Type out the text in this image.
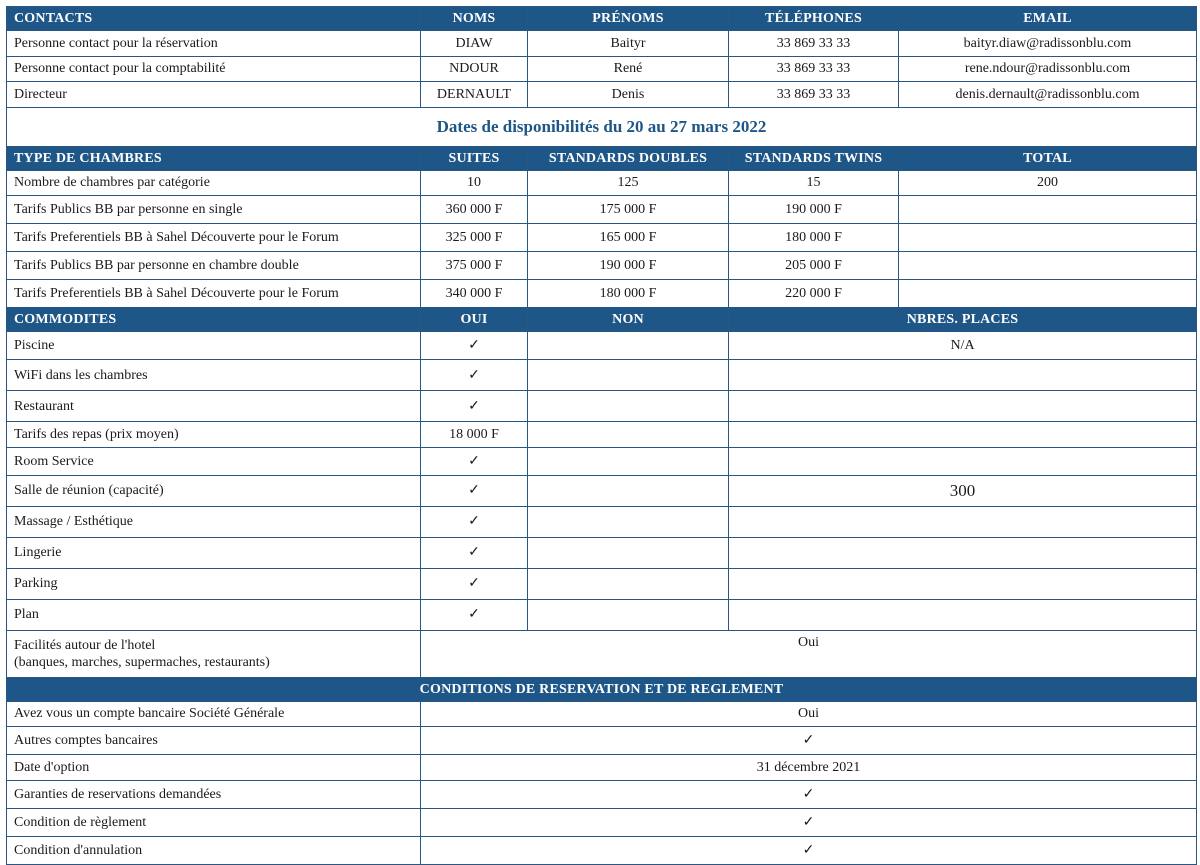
CONTACTS	NOMS	PRÉNOMS	TÉLÉPHONES	EMAIL
Personne contact pour la réservation	DIAW	Baityr	33 869 33 33	baityr.diaw@radissonblu.com
Personne contact pour la comptabilité	NDOUR	René	33 869 33 33	rene.ndour@radissonblu.com
Directeur	DERNAULT	Denis	33 869 33 33	denis.dernault@radissonblu.com
Dates de disponibilités du 20 au 27 mars 2022				
TYPE DE CHAMBRES	SUITES	STANDARDS DOUBLES	STANDARDS TWINS	TOTAL
Nombre de chambres par catégorie	10	125	15	200
Tarifs Publics BB par personne en single	360 000 F	175 000 F	190 000 F	
Tarifs Preferentiels BB à Sahel Découverte pour le Forum	325 000 F	165 000 F	180 000 F	
Tarifs Publics BB par personne en chambre double	375 000 F	190 000 F	205 000 F	
Tarifs Preferentiels BB à Sahel Découverte pour le Forum	340 000 F	180 000 F	220 000 F	
COMMODITES	OUI	NON	NBRES. PLACES	
Piscine	✓		N/A	
WiFi dans les chambres	✓			
Restaurant	✓			
Tarifs des repas (prix moyen)	18 000 F			
Room Service	✓			
Salle de réunion (capacité)	✓		300	
Massage / Esthétique	✓			
Lingerie	✓			
Parking	✓			
Plan	✓			

Facilités autour de l'hotel
(banques, marches, supermaches, restaurants)	Oui			
CONDITIONS DE RESERVATION ET DE REGLEMENT				
Avez vous un compte bancaire Société Générale	Oui			
Autres comptes bancaires	✓			
Date d'option	31 décembre 2021			
Garanties de reservations demandées	✓			
Condition de règlement	✓			
Condition d'annulation	✓			
